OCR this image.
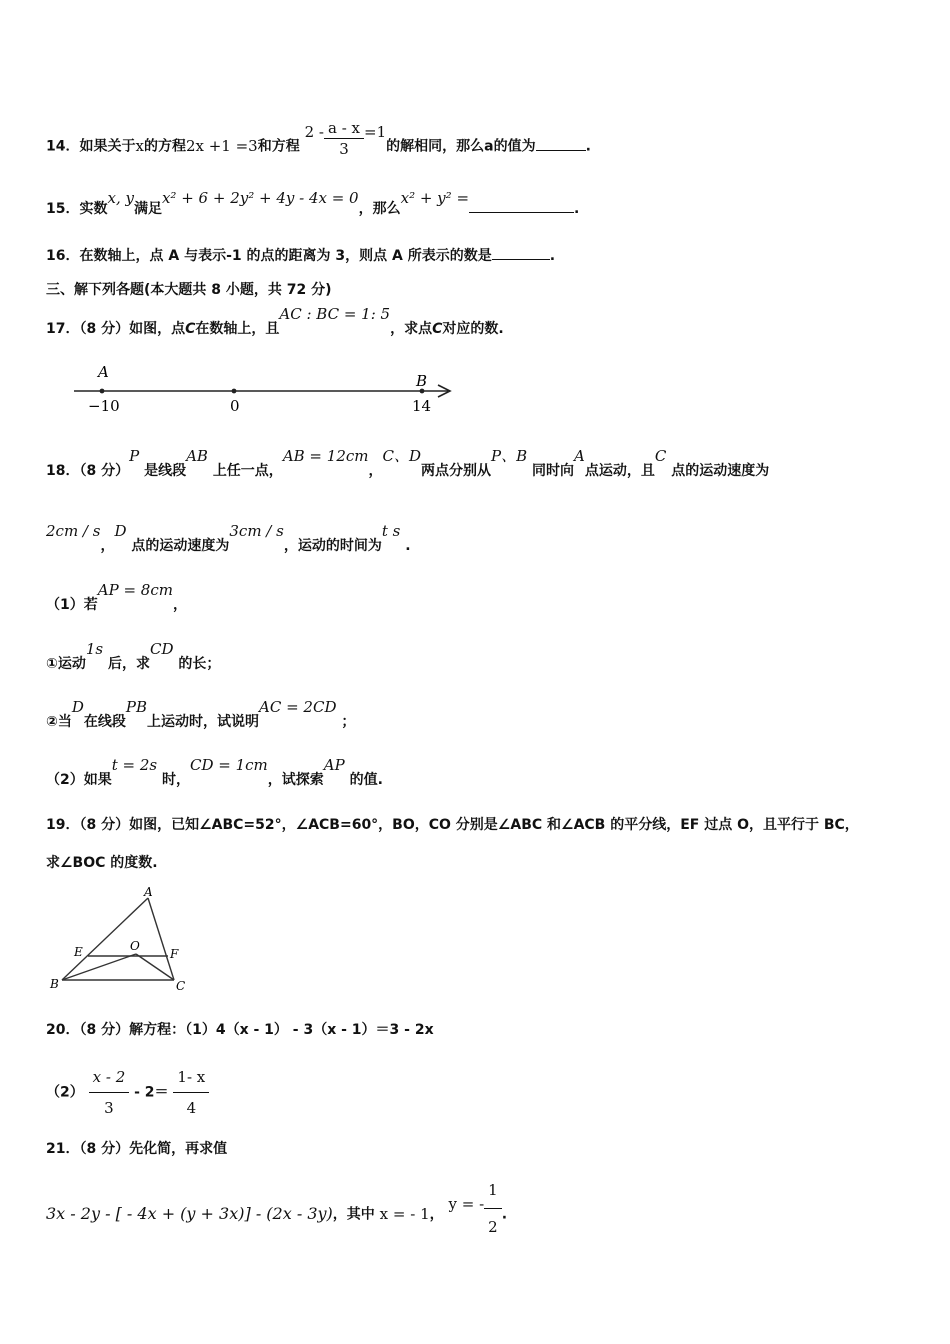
14．如果关于x的方程2x +1 =3和方程 $2 - \frac{a - x}{3} =1$的解相同，那么a的值为	.
15．实数x, y满足x² + 6 + 2y² + 4y - 4x = 0，那么x² + y² =.
16．在数轴上，点 A 与表示-1 的点的距离为 3，则点 A 所表示的数是	.
三、解下列各题(本大题共 8 小题，共 72 分)
17．（8 分）如图，点C在数轴上，且AC : BC = 1: 5，求点C对应的数.
A	B
−10	0	14
18．（8 分）P 是线段AB 上任一点，AB = 12cm，C、D两点分别从P、B 同时向A点运动，且C 点的运动速度为
2cm / s，D 点的运动速度为3cm / s，运动的时间为t s .
（1）若AP = 8cm，
①运动1s 后，求CD 的长；
②当D在线段PB上运动时，试说明AC = 2CD ；
（2）如果t = 2s 时，CD = 1cm，试探索AP 的值.
19．（8 分）如图，已知∠ABC=52°，∠ACB=60°，BO，CO 分别是∠ABC 和∠ACB 的平分线，EF 过点 O，且平行于 BC，
求∠BOC 的度数.
A
E	O
F
B	C
20．（8 分）解方程：（1）4（x - 1） - 3（x - 1）＝3 - 2x
$(2) \frac{x - 2}{3} - 2= \frac{1- x}{4}$
21．（8 分）先化简，再求值
3x - 2y - [ - 4x + (y + 3x)] - (2x - 3y)，其中 x = - 1， y = - $\frac{1}{2}$ .
